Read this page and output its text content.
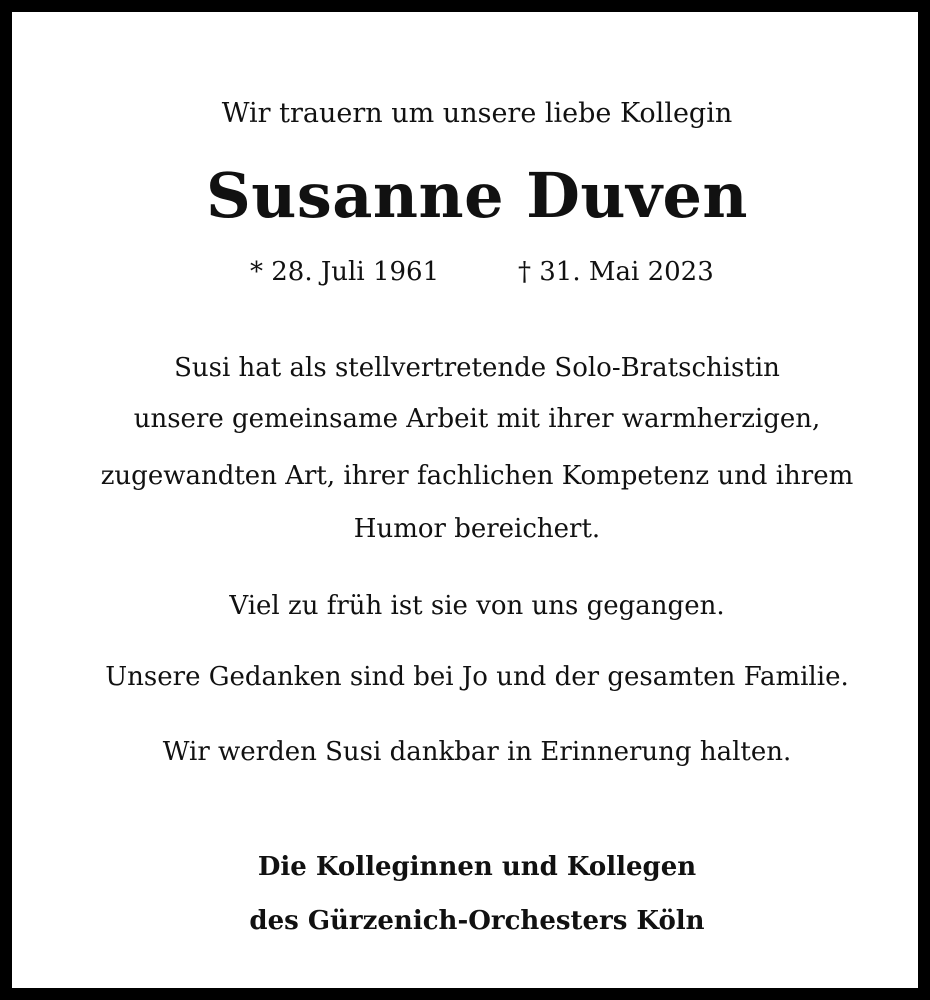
Wir trauern um unsere liebe Kollegin

Susanne Duven

* 28. Juli 1961	† 31. Mai 2023

Susi hat als stellvertretende Solo-Bratschistin

unsere gemeinsame Arbeit mit ihrer warmherzigen,

zugewandten Art, ihrer fachlichen Kompetenz und ihrem

Humor bereichert.

Viel zu früh ist sie von uns gegangen.

Unsere Gedanken sind bei Jo und der gesamten Familie.

Wir werden Susi dankbar in Erinnerung halten.

Die Kolleginnen und Kollegen

des Gürzenich-Orchesters Köln
